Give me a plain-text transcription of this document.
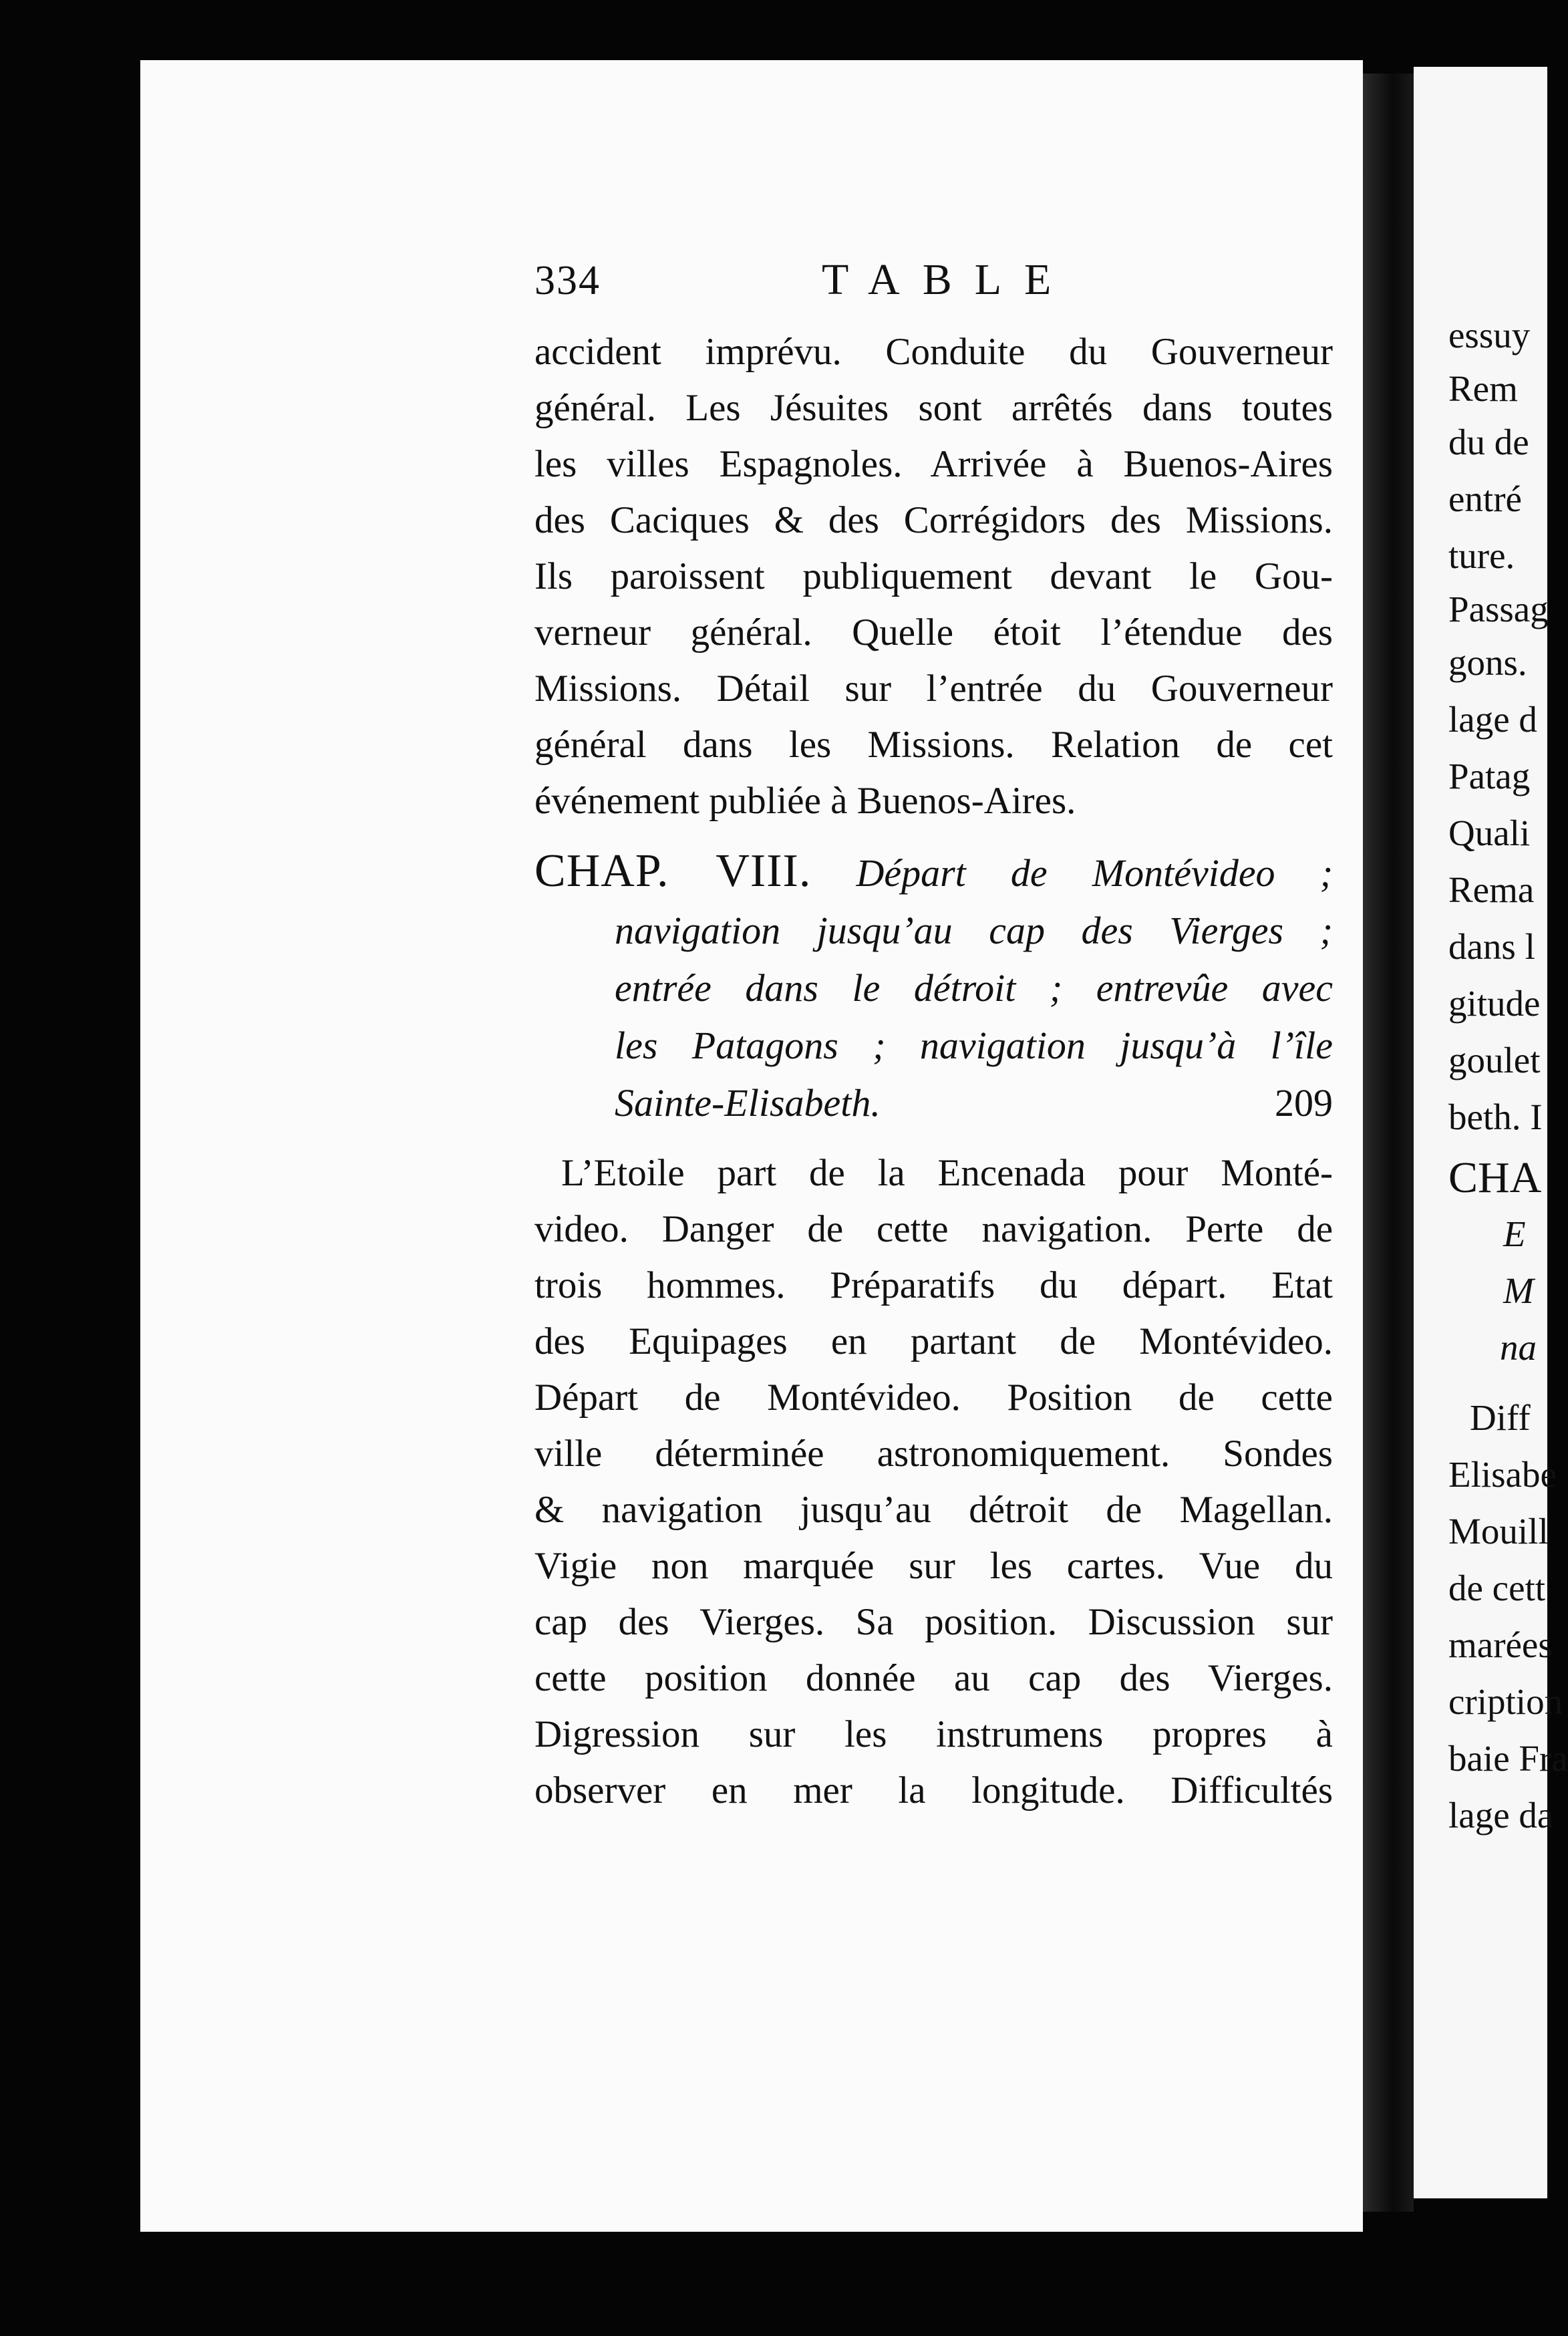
334	TABLE
accident imprévu. Conduite du Gouverneur
général. Les Jésuites sont arrêtés dans toutes
les villes Espagnoles. Arrivée à Buenos-Aires
des Caciques & des Corrégidors des Missions.
Ils paroissent publiquement devant le Gou-
verneur général. Quelle étoit l’étendue des
Missions. Détail sur l’entrée du Gouverneur
général dans les Missions. Relation de cet
événement publiée à Buenos-Aires.
CHAP. VIII. Départ de Montévideo ;
navigation jusqu’au cap des Vierges ;
entrée dans le détroit ; entrevûe avec
les Patagons ; navigation jusqu’à l’île
Sainte-Elisabeth.	209
L’Etoile part de la Encenada pour Monté-
video. Danger de cette navigation. Perte de
trois hommes. Préparatifs du départ. Etat
des Equipages en partant de Montévideo.
Départ de Montévideo. Position de cette
ville déterminée astronomiquement. Sondes
& navigation jusqu’au détroit de Magellan.
Vigie non marquée sur les cartes. Vue du
cap des Vierges. Sa position. Discussion sur
cette position donnée au cap des Vierges.
Digression sur les instrumens propres à
observer en mer la longitude. Difficultés
essuy
Rem
du de
entré
ture.
Passag
gons.
lage d
Patag
Quali
Rema
dans l
gitude
goulet
beth. I
CHA
E
M
na
Diff
Elisabe
Mouill
de cett
marées
cription
baie Fra
lage da
